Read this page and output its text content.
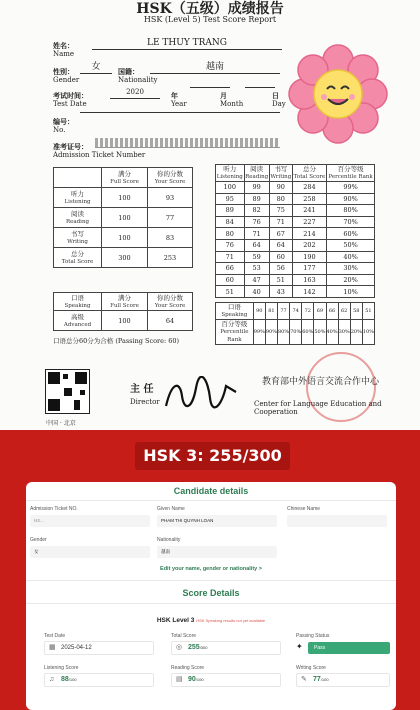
HSK（五级）成绩报告
HSK (Level 5) Test Score Report
姓名：
Name
LE THUY TRANG
性别：
Gender
女	国籍：
Nationality
越南
考试时间：
Test Date
2020	年
Year
月
Month
日
Day
编号：
No.
准考证号：
Admission Ticket Number
	满分
Full Score	你的分数
Your Score

听力
Listening	100	93
阅读
Reading	100	77
书写
Writing	100	83
总分
Total Score	300	253
听力
Listening	阅读
Reading	书写
Writing	总分
Total Score	百分等级
Percentile Rank

100	99	90	284	99%
95	89	80	258	90%
89	82	75	241	80%
84	76	71	227	70%
80	71	67	214	60%
76	64	64	202	50%
71	59	60	190	40%
66	53	56	177	30%
60	47	51	163	20%
51	40	43	142	10%
口语
Speaking	满分
Full Score	你的分数
Your Score

高级
Advanced	100	64
口语
Speaking	90	81	77	74	72	69	66	62	58	51
百分等级
Percentile Rank	99%	90%	80%	70%	60%	50%	40%	30%	20%	10%
口语总分60分为合格 (Passing Score: 60)
中国 · 北京
主 任
Director
教育部中外语言交流合作中心
Center for Language Education and Cooperation
HSK 3: 255/300
Candidate details
Admission Ticket NO.
H3…
Given Name
PHAM THI QUYNH LOAN
Chinese Name
Gender
女
Nationality
越南
Edit your name, gender or nationality >
Score Details
HSK Level 3 HSK Speaking results not yet available
Test Date
▦ 2025-04-12
Total Score
◎ 255/300
Passing Status
✦	Pass
Listening Score
♫ 88/100
Reading Score
▤ 90/100
Writing Score
✎ 77/100
